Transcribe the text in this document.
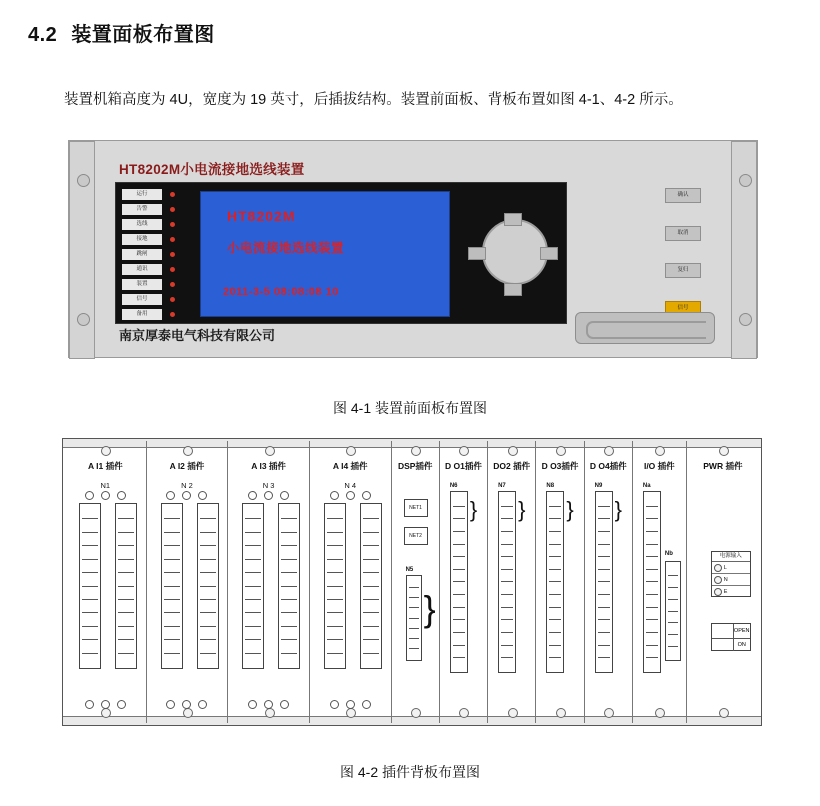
4.2 装置面板布置图
装置机箱高度为 4U，宽度为 19 英寸，后插拔结构。装置前面板、背板布置如图 4-1、4-2 所示。
HT8202M小电流接地选线装置
运行
告警
选线
接地
跳闸
通讯
装置
信号
备用
HT8202M
小电流接地选线装置
2011-3-5 08:08:08 10
确认
取消
复归
信号
南京厚泰电气科技有限公司
图 4-1 装置前面板布置图
A I1 插件
N1
A I2 插件
N 2
A I3 插件
N 3
A I4 插件
N 4
DSP插件
NET1
NET2
N5
}
D O1插件
N6
}
DO2 插件
N7
}
D O3插件
N8
}
D O4插件
N9
}
I/O 插件
Na
Nb
PWR 插件
电源输入
L
N
E
OPEN
ON
图 4-2 插件背板布置图
